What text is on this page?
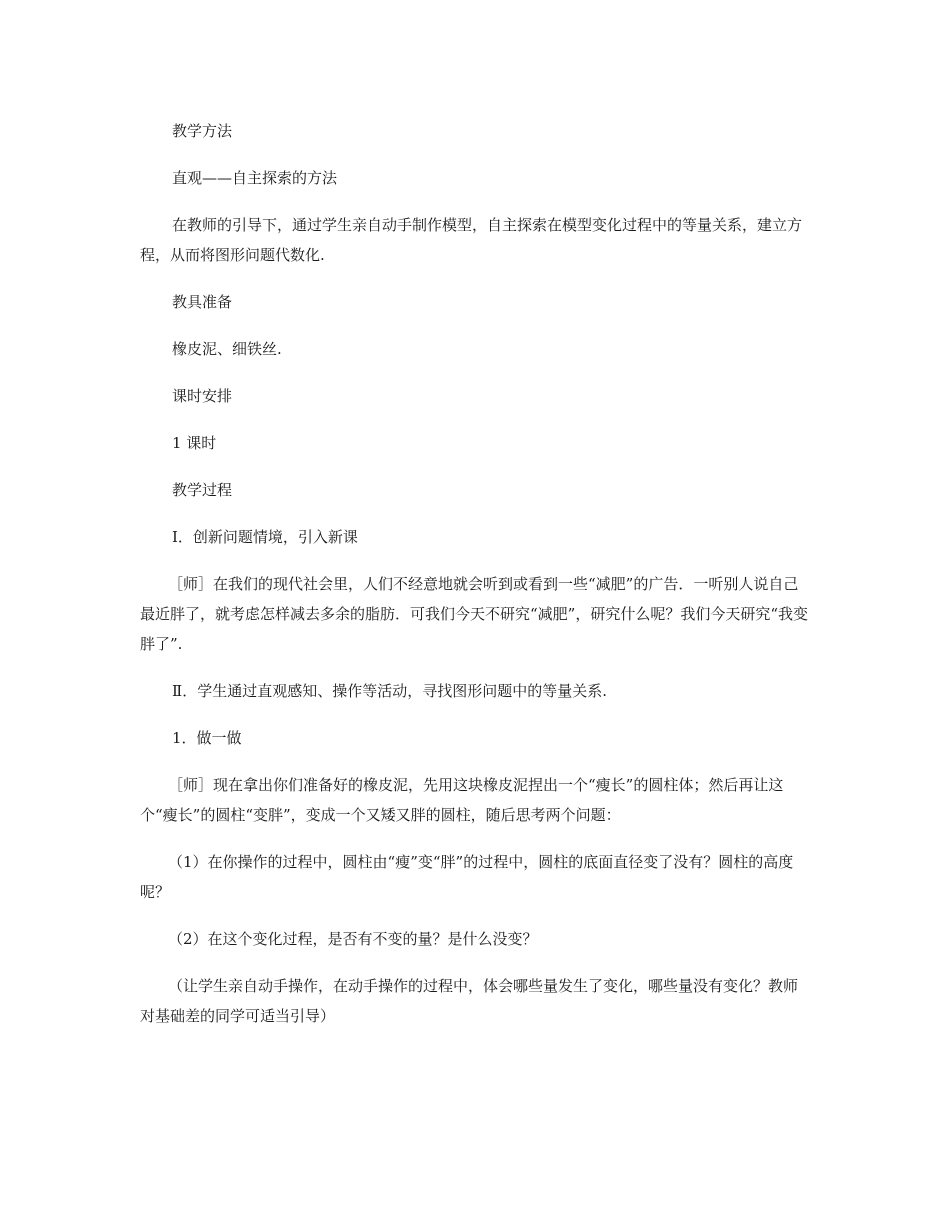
教学方法

直观——自主探索的方法

在教师的引导下，通过学生亲自动手制作模型，自主探索在模型变化过程中的等量关系，建立方程，从而将图形问题代数化.

教具准备

橡皮泥、细铁丝.

课时安排

1 课时

教学过程

Ⅰ．创新问题情境，引入新课

［师］在我们的现代社会里，人们不经意地就会听到或看到一些“减肥”的广告．一听别人说自己最近胖了，就考虑怎样减去多余的脂肪．可我们今天不研究“减肥”，研究什么呢？我们今天研究“我变胖了”.

Ⅱ．学生通过直观感知、操作等活动，寻找图形问题中的等量关系.

1．做一做

［师］现在拿出你们准备好的橡皮泥，先用这块橡皮泥捏出一个“瘦长”的圆柱体；然后再让这个“瘦长”的圆柱“变胖”，变成一个又矮又胖的圆柱，随后思考两个问题：

（1）在你操作的过程中，圆柱由“瘦”变“胖”的过程中，圆柱的底面直径变了没有？圆柱的高度呢？

（2）在这个变化过程，是否有不变的量？是什么没变？

（让学生亲自动手操作，在动手操作的过程中，体会哪些量发生了变化，哪些量没有变化？教师对基础差的同学可适当引导）
